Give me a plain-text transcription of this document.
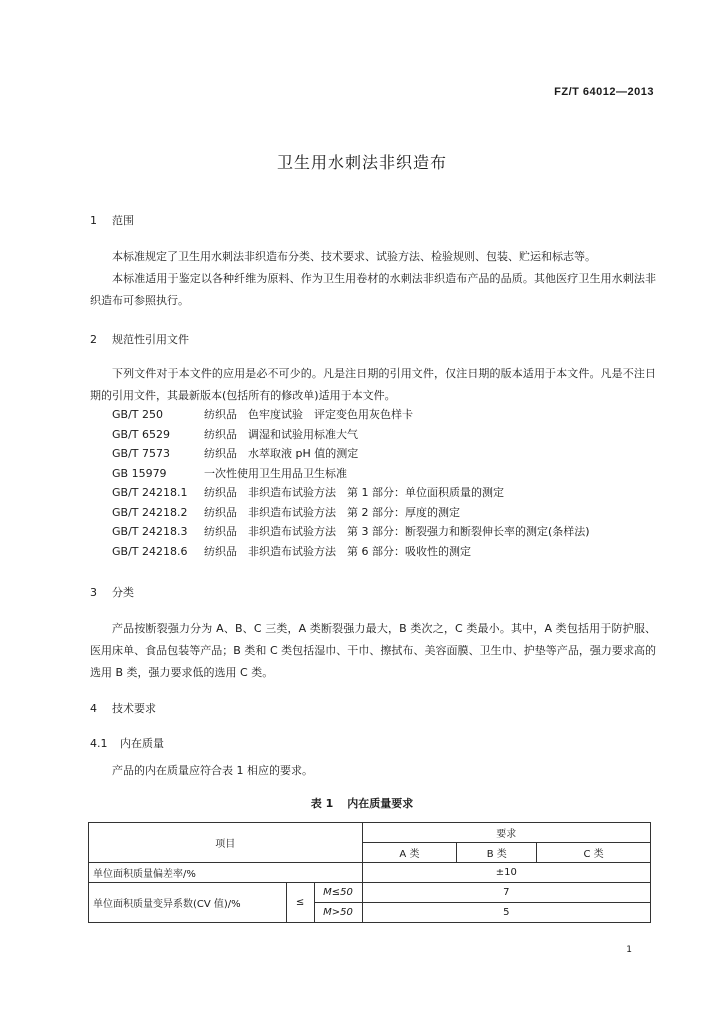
FZ/T 64012—2013
卫生用水刺法非织造布
1 范围

本标准规定了卫生用水刺法非织造布分类、技术要求、试验方法、检验规则、包装、贮运和标志等。

本标准适用于鉴定以各种纤维为原料、作为卫生用卷材的水刺法非织造布产品的品质。其他医疗卫生用水刺法非织造布可参照执行。

2 规范性引用文件

下列文件对于本文件的应用是必不可少的。凡是注日期的引用文件，仅注日期的版本适用于本文件。凡是不注日期的引用文件，其最新版本(包括所有的修改单)适用于本文件。

GB/T 250	纺织品　色牢度试验　评定变色用灰色样卡
GB/T 6529	纺织品　调湿和试验用标准大气
GB/T 7573	纺织品　水萃取液 pH 值的测定
GB 15979	一次性使用卫生用品卫生标准
GB/T 24218.1 纺织品　非织造布试验方法　第 1 部分：单位面积质量的测定
GB/T 24218.2 纺织品　非织造布试验方法　第 2 部分：厚度的测定
GB/T 24218.3 纺织品　非织造布试验方法　第 3 部分：断裂强力和断裂伸长率的测定(条样法)
GB/T 24218.6 纺织品　非织造布试验方法　第 6 部分：吸收性的测定
3 分类

产品按断裂强力分为 A、B、C 三类，A 类断裂强力最大，B 类次之，C 类最小。其中，A 类包括用于防护服、医用床单、食品包装等产品；B 类和 C 类包括湿巾、干巾、擦拭布、美容面膜、卫生巾、护垫等产品，强力要求高的选用 B 类，强力要求低的选用 C 类。

4 技术要求
4.1 内在质量

产品的内在质量应符合表 1 相应的要求。

表 1 内在质量要求
项目			要求		
			A 类	B 类	C 类
单位面积质量偏差率/%			±10		
单位面积质量变异系数(CV 值)/%	≤	M≤50	7		
		M>50	5		
1
